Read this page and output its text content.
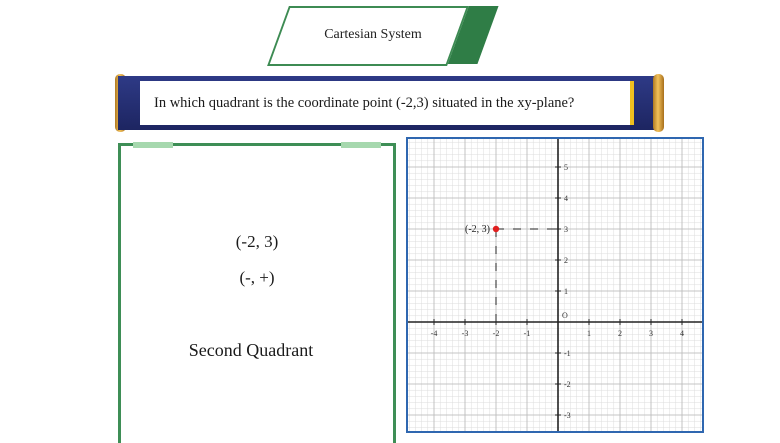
Cartesian System
In which quadrant is the coordinate point (-2,3) situated in the xy-plane?
(-2, 3)
(-, +)
Second Quadrant
-4	-3	-2	-1	1	2	3	4
5
4
3
2
1
-1
-2
-3
O
(-2, 3)
